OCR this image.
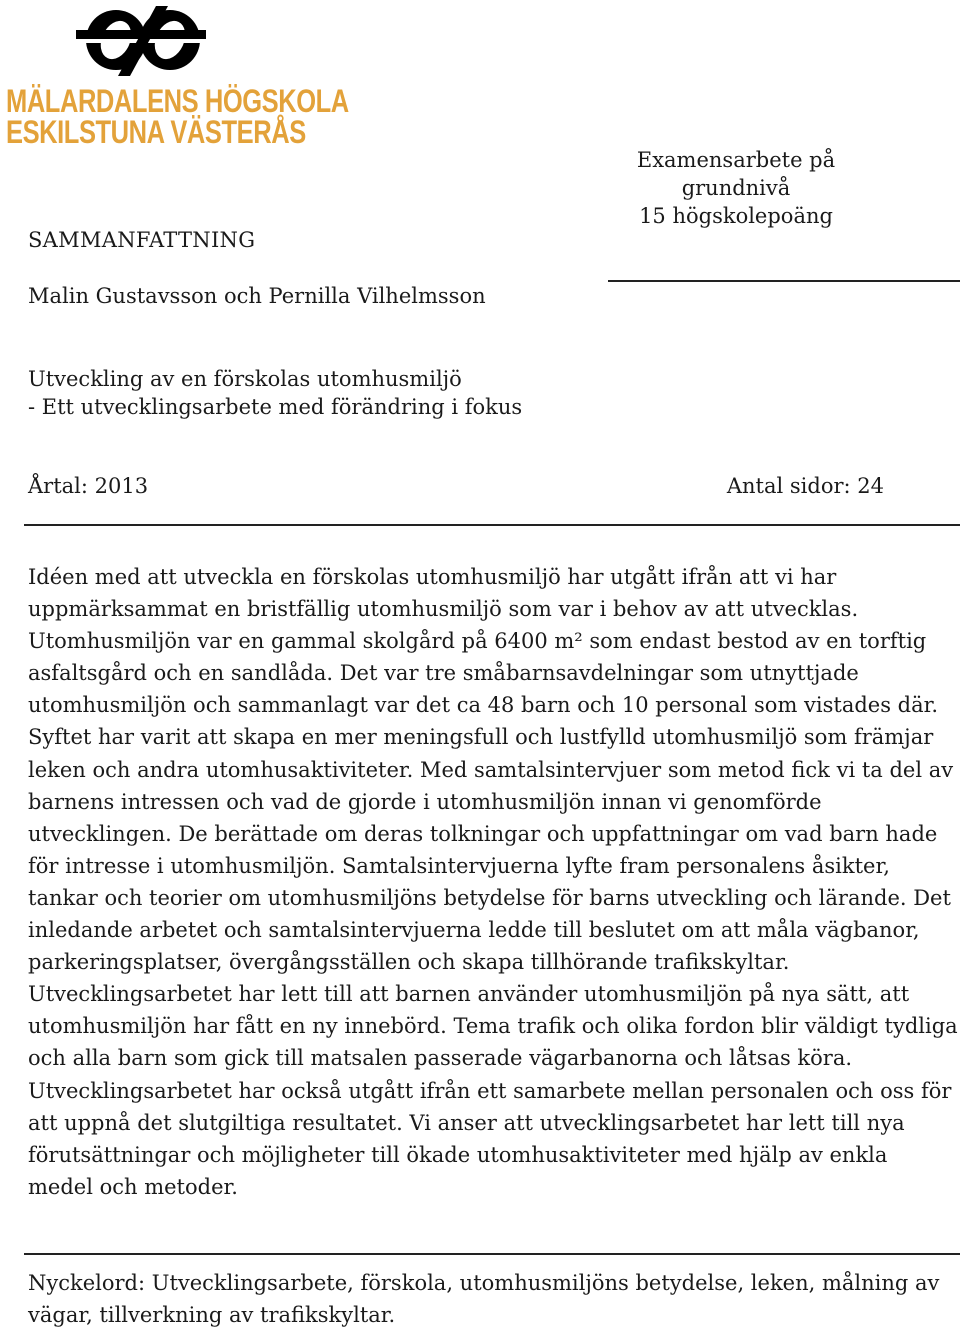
MÄLARDALENS HÖGSKOLA
ESKILSTUNA VÄSTERÅS
Examensarbete på
grundnivå
15 högskolepoäng
SAMMANFATTNING
Malin Gustavsson och Pernilla Vilhelmsson
Utveckling av en förskolas utomhusmiljö
- Ett utvecklingsarbete med förändring i fokus
Årtal: 2013	Antal sidor: 24

Idéen med att utveckla en förskolas utomhusmiljö har utgått ifrån att vi har uppmärksammat en bristfällig utomhusmiljö som var i behov av att utvecklas. Utomhusmiljön var en gammal skolgård på 6400 m² som endast bestod av en torftig asfaltsgård och en sandlåda. Det var tre småbarnsavdelningar som utnyttjade utomhusmiljön och sammanlagt var det ca 48 barn och 10 personal som vistades där. Syftet har varit att skapa en mer meningsfull och lustfylld utomhusmiljö som främjar leken och andra utomhusaktiviteter. Med samtalsintervjuer som metod fick vi ta del av barnens intressen och vad de gjorde i utomhusmiljön innan vi genomförde utvecklingen. De berättade om deras tolkningar och uppfattningar om vad barn hade för intresse i utomhusmiljön. Samtalsintervjuerna lyfte fram personalens åsikter, tankar och teorier om utomhusmiljöns betydelse för barns utveckling och lärande. Det inledande arbetet och samtalsintervjuerna ledde till beslutet om att måla vägbanor, parkeringsplatser, övergångsställen och skapa tillhörande trafikskyltar. Utvecklingsarbetet har lett till att barnen använder utomhusmiljön på nya sätt, att utomhusmiljön har fått en ny innebörd. Tema trafik och olika fordon blir väldigt tydliga och alla barn som gick till matsalen passerade vägarbanorna och låtsas köra. Utvecklingsarbetet har också utgått ifrån ett samarbete mellan personalen och oss för att uppnå det slutgiltiga resultatet. Vi anser att utvecklingsarbetet har lett till nya förutsättningar och möjligheter till ökade utomhusaktiviteter med hjälp av enkla medel och metoder.

Nyckelord: Utvecklingsarbete, förskola, utomhusmiljöns betydelse, leken, målning av vägar, tillverkning av trafikskyltar.
